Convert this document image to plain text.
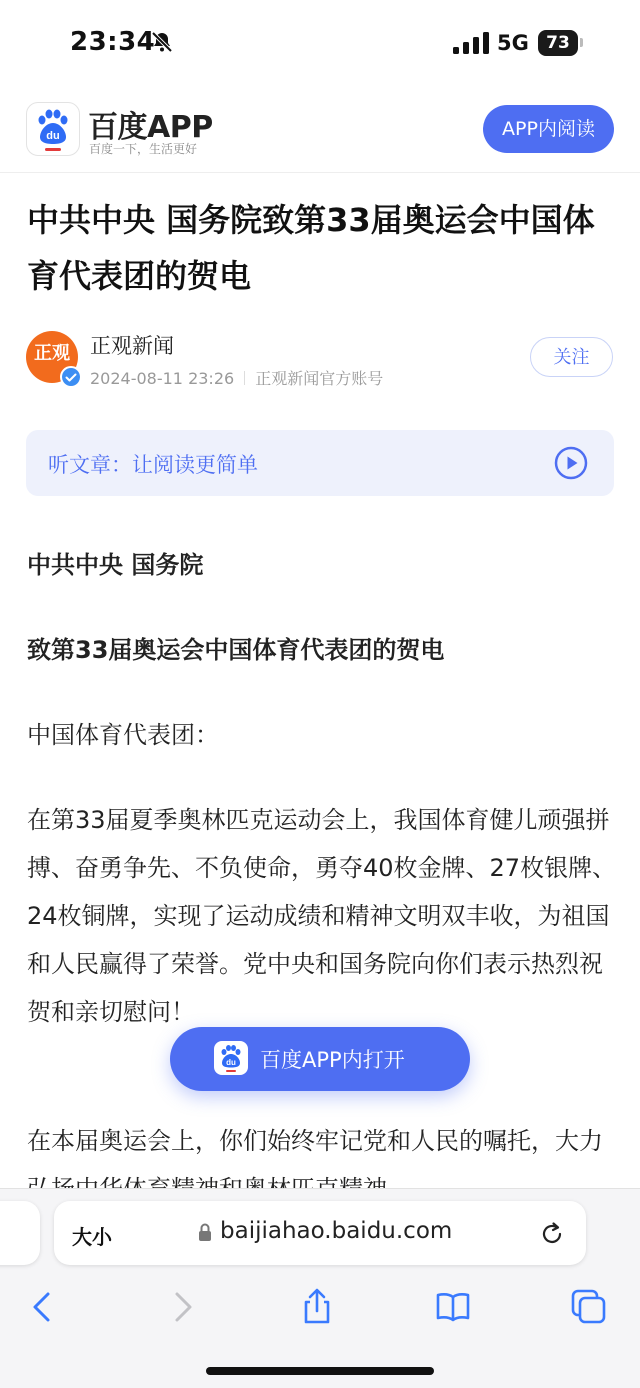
23:34	5G	73
du 百度APP
百度一下，生活更好
APP内阅读
中共中央 国务院致第33届奥运会中国体育代表团的贺电
正观 正观新闻
2024-08-11 23:26 正观新闻官方账号
关注
听文章：让阅读更简单

中共中央 国务院

致第33届奥运会中国体育代表团的贺电

中国体育代表团：

在第33届夏季奥林匹克运动会上，我国体育健儿顽强拼搏、奋勇争先、不负使命，勇夺40枚金牌、27枚银牌、24枚铜牌，实现了运动成绩和精神文明双丰收，为祖国和人民赢得了荣誉。党中央和国务院向你们表示热烈祝贺和亲切慰问！

在本届奥运会上，你们始终牢记党和人民的嘱托，大力

du 百度APP内打开
大小	baijiahao.baidu.com
